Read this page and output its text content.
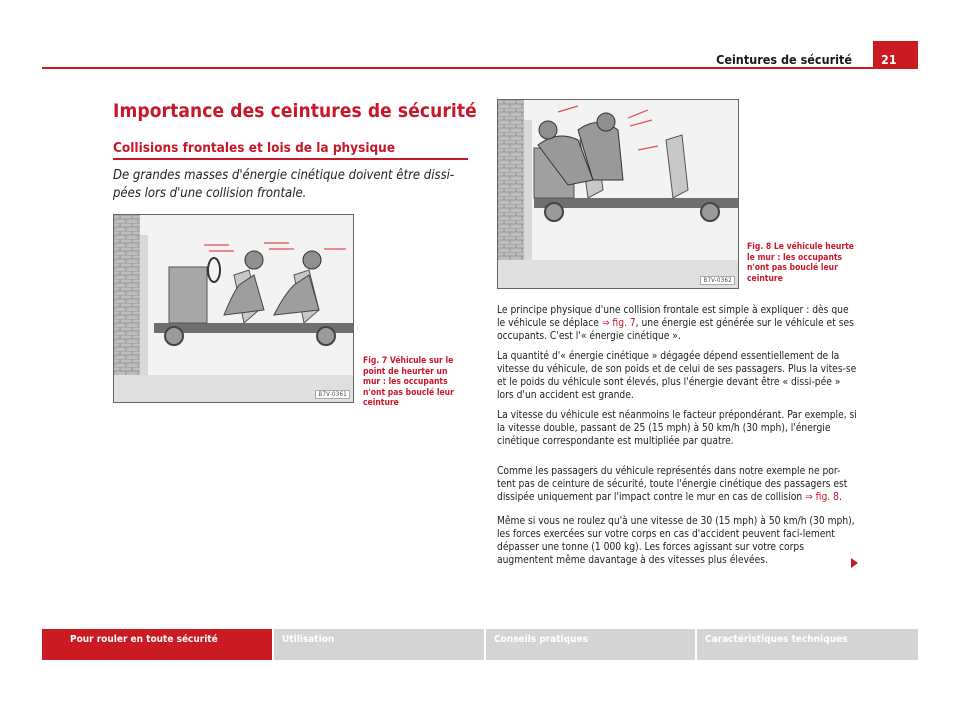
Ceintures de sécurité	21
Importance des ceintures de sécurité
Collisions frontales et lois de la physique
De grandes masses d'énergie cinétique doivent être dissi-pées lors d'une collision frontale.
B7V-0361
Fig. 7 Véhicule sur le point de heurter un mur : les occupants n'ont pas bouclé leur ceinture
B7V-0362
Fig. 8 Le véhicule heurte le mur : les occupants n'ont pas bouclé leur ceinture
Le principe physique d'une collision frontale est simple à expliquer : dès que le véhicule se déplace ⇒ fig. 7, une énergie est générée sur le véhicule et ses occupants. C'est l'« énergie cinétique ».
La quantité d'« énergie cinétique » dégagée dépend essentiellement de la vitesse du véhicule, de son poids et de celui de ses passagers. Plus la vites-se et le poids du véhicule sont élevés, plus l'énergie devant être « dissi-pée » lors d'un accident est grande.
La vitesse du véhicule est néanmoins le facteur prépondérant. Par exemple, si la vitesse double, passant de 25 (15 mph) à 50 km/h (30 mph), l'énergie cinétique correspondante est multipliée par quatre.
Comme les passagers du véhicule représentés dans notre exemple ne por-tent pas de ceinture de sécurité, toute l'énergie cinétique des passagers est dissipée uniquement par l'impact contre le mur en cas de collision ⇒ fig. 8.
Même si vous ne roulez qu'à une vitesse de 30 (15 mph) à 50 km/h (30 mph), les forces exercées sur votre corps en cas d'accident peuvent faci-lement dépasser une tonne (1 000 kg). Les forces agissant sur votre corps augmentent même davantage à des vitesses plus élevées.
Pour rouler en toute sécurité	Utilisation	Conseils pratiques	Caractéristiques techniques
